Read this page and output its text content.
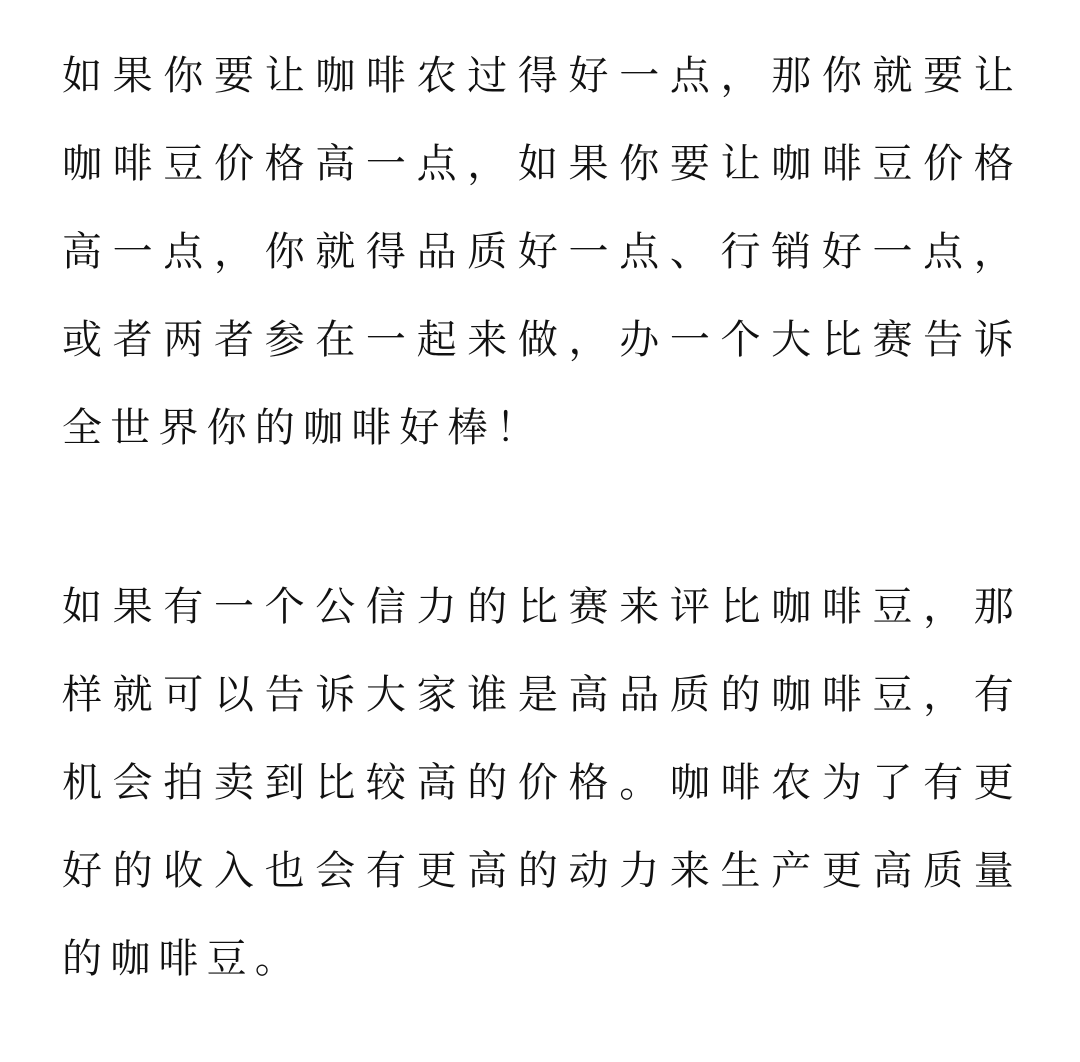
如果你要让咖啡农过得好一点，那你就要让咖啡豆价格高一点，如果你要让咖啡豆价格高一点，你就得品质好一点、行销好一点，或者两者参在一起来做，办一个大比赛告诉全世界你的咖啡好棒！

如果有一个公信力的比赛来评比咖啡豆，那样就可以告诉大家谁是高品质的咖啡豆，有机会拍卖到比较高的价格。咖啡农为了有更好的收入也会有更高的动力来生产更高质量的咖啡豆。
